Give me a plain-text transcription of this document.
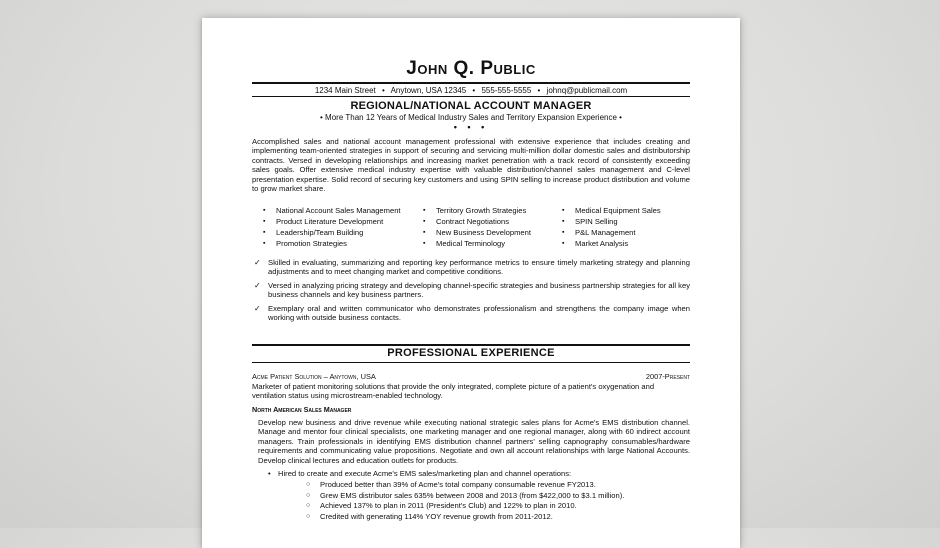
John Q. Public
1234 Main Street • Anytown, USA 12345 • 555-555-5555 • johnq@publicmail.com
REGIONAL/NATIONAL ACCOUNT MANAGER
• More Than 12 Years of Medical Industry Sales and Territory Expansion Experience •
• • •
Accomplished sales and national account management professional with extensive experience that includes creating and implementing team-oriented strategies in support of securing and servicing multi-million dollar domestic sales and distributorship contracts. Versed in developing relationships and increasing market penetration with a track record of consistently exceeding sales goals. Offer extensive medical industry expertise with valuable distribution/channel sales management and C-level presentation expertise. Solid record of securing key customers and using SPIN selling to increase product distribution and volume to grow market share.
▪ National Account Sales Management
▪ Product Literature Development
▪ Leadership/Team Building
▪ Promotion Strategies
▪ Territory Growth Strategies
▪ Contract Negotiations
▪ New Business Development
▪ Medical Terminology
▪ Medical Equipment Sales
▪ SPIN Selling
▪ P&L Management
▪ Market Analysis
✓ Skilled in evaluating, summarizing and reporting key performance metrics to ensure timely marketing strategy and planning adjustments and to meet changing market and competitive conditions.
✓ Versed in analyzing pricing strategy and developing channel-specific strategies and business partnership strategies for all key business channels and key business partners.
✓ Exemplary oral and written communicator who demonstrates professionalism and strengthens the company image when working with outside business contacts.
PROFESSIONAL EXPERIENCE
Acme Patient Solution – Anytown, USA	2007-Present
Marketer of patient monitoring solutions that provide the only integrated, complete picture of a patient's oxygenation and ventilation status using microstream-enabled technology.
North American Sales Manager
Develop new business and drive revenue while executing national strategic sales plans for Acme's EMS distribution channel. Manage and mentor four clinical specialists, one marketing manager and one regional manager, along with 60 indirect account managers. Train professionals in identifying EMS distribution channel partners' selling capnography consumables/hardware requirements and communicating value propositions. Negotiate and own all account relationships with large National Accounts. Develop clinical lectures and education outlets for products.
• Hired to create and execute Acme's EMS sales/marketing plan and channel operations:
○ Produced better than 39% of Acme's total company consumable revenue FY2013.
○ Grew EMS distributor sales 635% between 2008 and 2013 (from $422,000 to $3.1 million).
○ Achieved 137% to plan in 2011 (President's Club) and 122% to plan in 2010.
○ Credited with generating 114% YOY revenue growth from 2011-2012.
